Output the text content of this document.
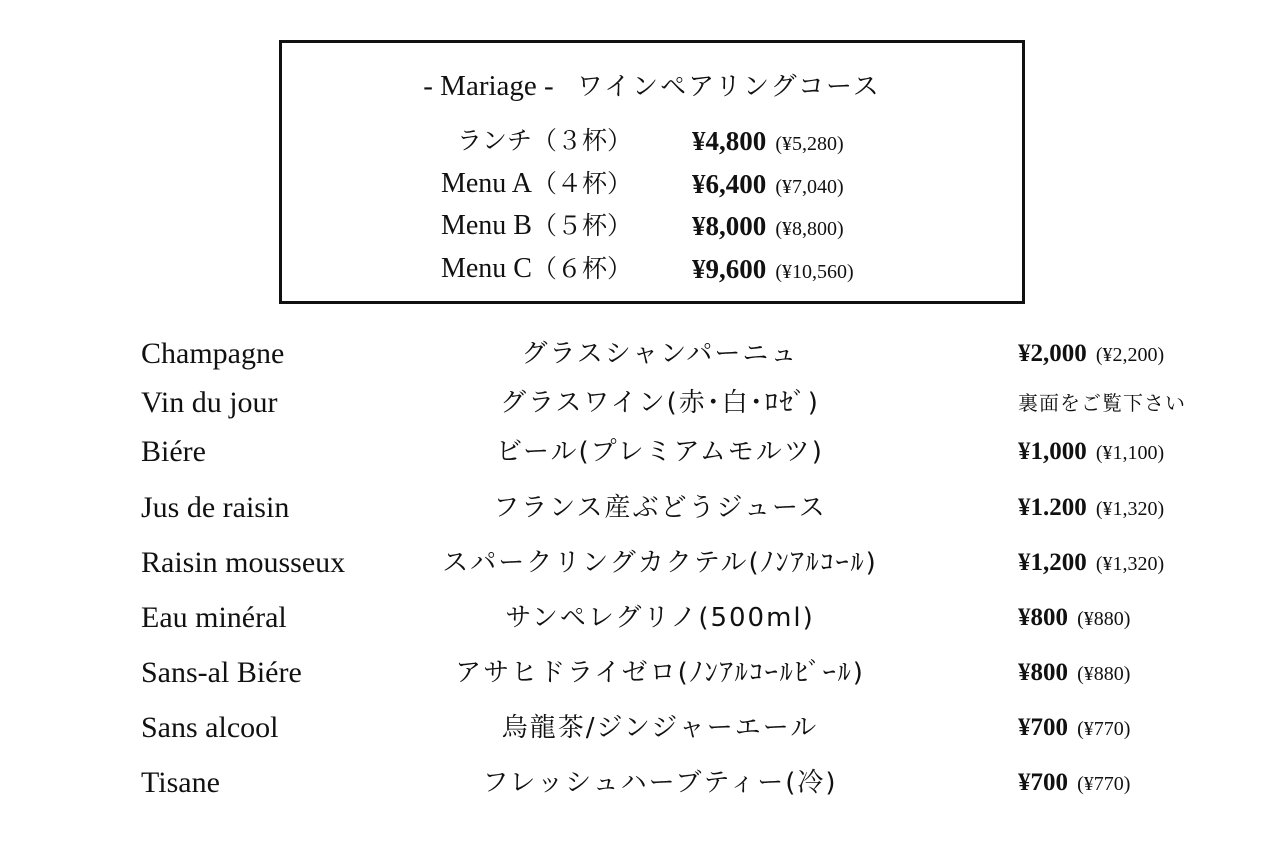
- Mariage - ワインペアリングコース
ランチ（３杯） ¥4,800 (¥5,280)
Menu A（４杯） ¥6,400 (¥7,040)
Menu B（５杯） ¥8,000 (¥8,800)
Menu C（６杯） ¥9,600 (¥10,560)
Champagne	グラスシャンパーニュ	¥2,000 (¥2,200)
Vin du jour	グラスワイン(赤･白･ﾛｾﾞ)	裏面をご覧下さい
Biére	ビール(プレミアムモルツ)	¥1,000 (¥1,100)
Jus de raisin	フランス産ぶどうジュース	¥1.200 (¥1,320)
Raisin mousseux	スパークリングカクテル(ﾉﾝｱﾙｺｰﾙ)	¥1,200 (¥1,320)
Eau minéral	サンペレグリノ(500ml)	¥800 (¥880)
Sans-al Biére	アサヒドライゼロ(ﾉﾝｱﾙｺｰﾙﾋﾞｰﾙ)	¥800 (¥880)
Sans alcool	烏龍茶/ジンジャーエール	¥700 (¥770)
Tisane	フレッシュハーブティー(冷)	¥700 (¥770)
